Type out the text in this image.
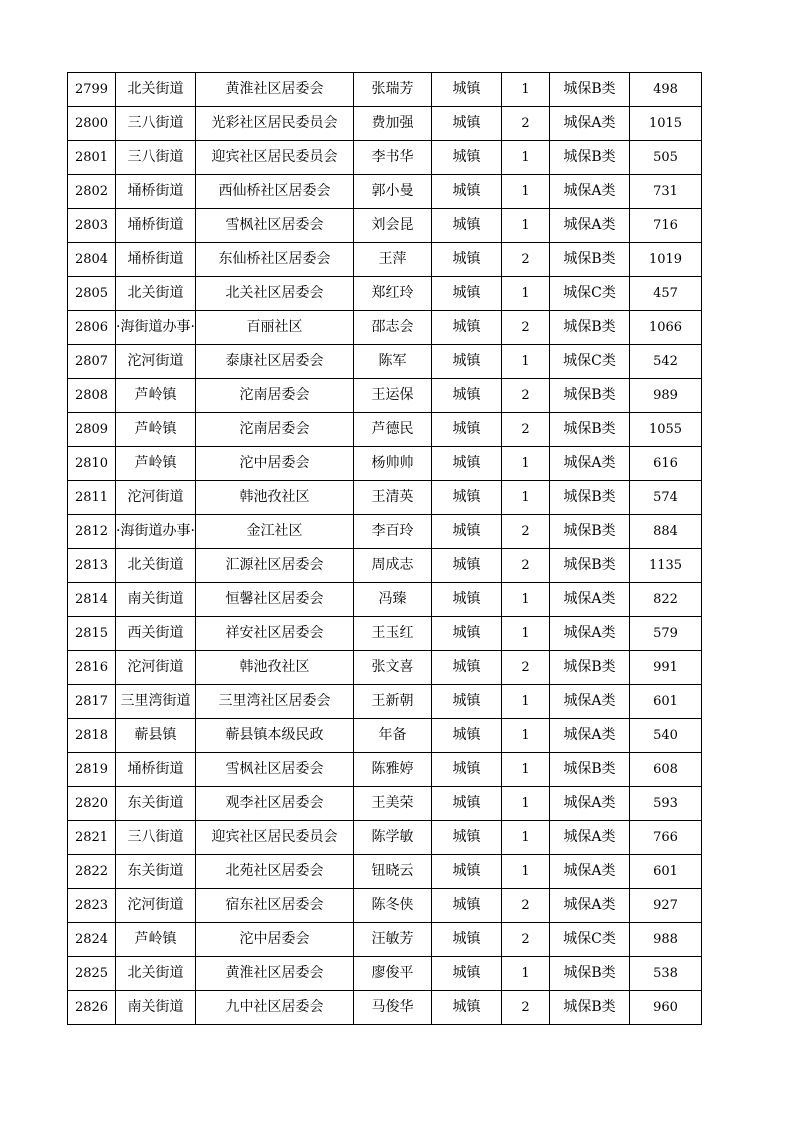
2799	北关街道	黄淮社区居委会	张瑞芳	城镇	1	城保B类	498
2800	三八街道	光彩社区居民委员会	费加强	城镇	2	城保A类	1015
2801	三八街道	迎宾社区居民委员会	李书华	城镇	1	城保B类	505
2802	埇桥街道	西仙桥社区居委会	郭小曼	城镇	1	城保A类	731
2803	埇桥街道	雪枫社区居委会	刘会昆	城镇	1	城保A类	716
2804	埇桥街道	东仙桥社区居委会	王萍	城镇	2	城保B类	1019
2805	北关街道	北关社区居委会	郑红玲	城镇	1	城保C类	457
2806	·海街道办事·	百丽社区	邵志会	城镇	2	城保B类	1066
2807	沱河街道	泰康社区居委会	陈军	城镇	1	城保C类	542
2808	芦岭镇	沱南居委会	王运保	城镇	2	城保B类	989
2809	芦岭镇	沱南居委会	芦德民	城镇	2	城保B类	1055
2810	芦岭镇	沱中居委会	杨帅帅	城镇	1	城保A类	616
2811	沱河街道	韩池孜社区	王清英	城镇	1	城保B类	574
2812	·海街道办事·	金江社区	李百玲	城镇	2	城保B类	884
2813	北关街道	汇源社区居委会	周成志	城镇	2	城保B类	1135
2814	南关街道	恒馨社区居委会	冯臻	城镇	1	城保A类	822
2815	西关街道	祥安社区居委会	王玉红	城镇	1	城保A类	579
2816	沱河街道	韩池孜社区	张文喜	城镇	2	城保B类	991
2817	三里湾街道	三里湾社区居委会	王新朝	城镇	1	城保A类	601
2818	蕲县镇	蕲县镇本级民政	年备	城镇	1	城保A类	540
2819	埇桥街道	雪枫社区居委会	陈雅婷	城镇	1	城保B类	608
2820	东关街道	观李社区居委会	王美荣	城镇	1	城保A类	593
2821	三八街道	迎宾社区居民委员会	陈学敏	城镇	1	城保A类	766
2822	东关街道	北苑社区居委会	钮晓云	城镇	1	城保A类	601
2823	沱河街道	宿东社区居委会	陈冬侠	城镇	2	城保A类	927
2824	芦岭镇	沱中居委会	汪敏芳	城镇	2	城保C类	988
2825	北关街道	黄淮社区居委会	廖俊平	城镇	1	城保B类	538
2826	南关街道	九中社区居委会	马俊华	城镇	2	城保B类	960
